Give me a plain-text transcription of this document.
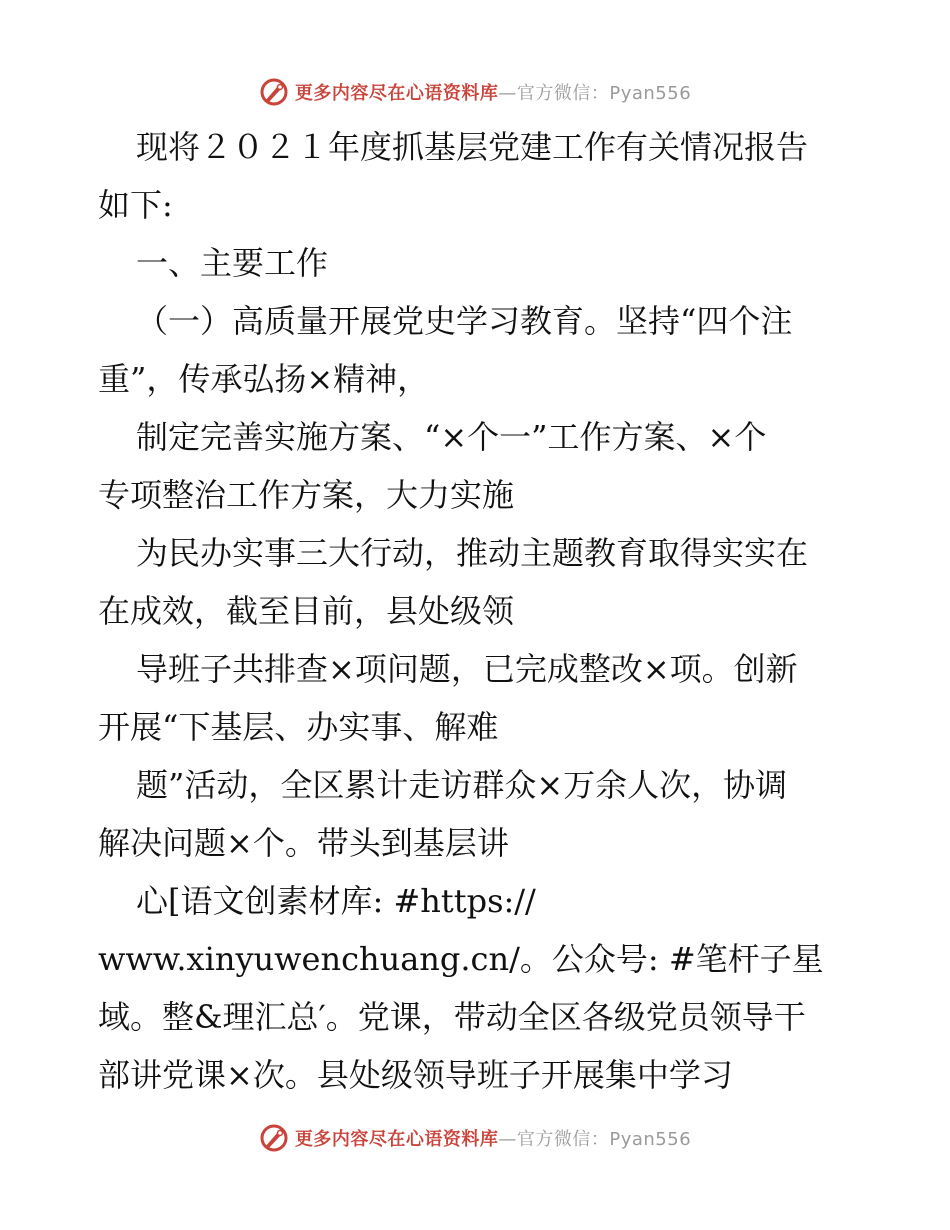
更多内容尽在心语资料库—官方微信：Pyan556
现将２０２１年度抓基层党建工作有关情况报告
如下:
一、主要工作
（一）高质量开展党史学习教育。坚持“四个注
重”，传承弘扬×精神，
制定完善实施方案、“×个一”工作方案、×个
专项整治工作方案，大力实施
为民办实事三大行动，推动主题教育取得实实在
在成效，截至目前，县处级领
导班子共排查×项问题，已完成整改×项。创新
开展“下基层、办实事、解难
题”活动，全区累计走访群众×万余人次，协调
解决问题×个。带头到基层讲
心[语文创素材库: #https://
www.xinyuwenchuang.cn/。公众号: #笔杆子星
域。整&理汇总′。党课，带动全区各级党员领导干
部讲党课×次。县处级领导班子开展集中学习
更多内容尽在心语资料库—官方微信：Pyan556
